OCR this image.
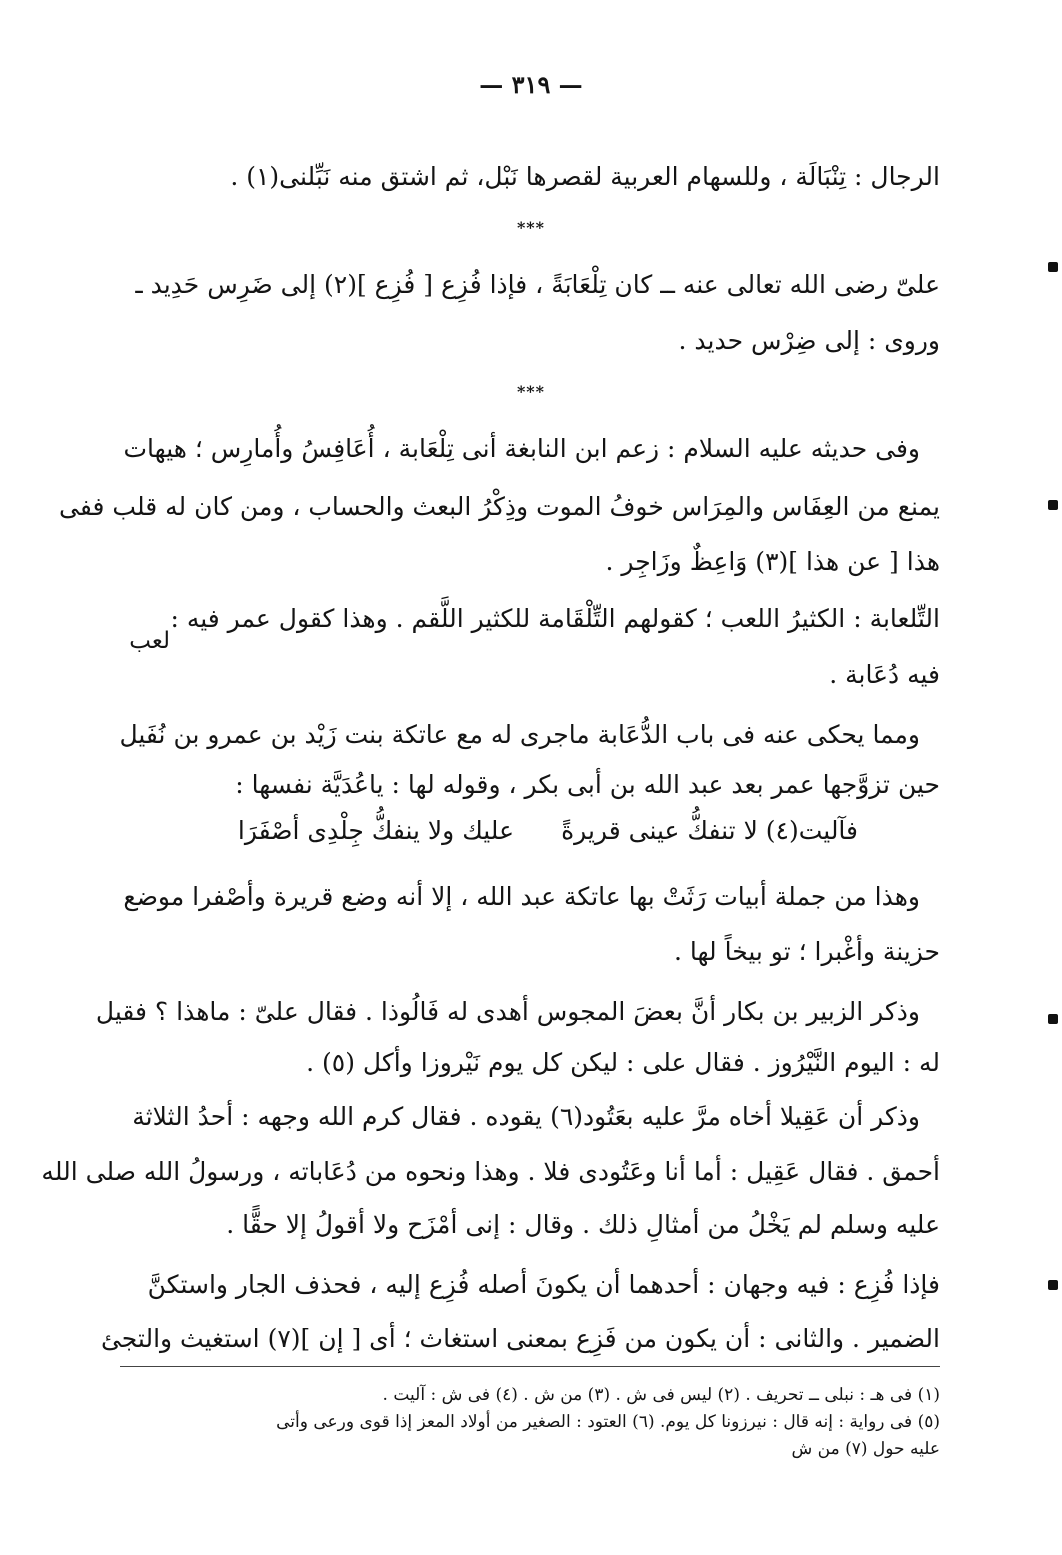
— ٣١٩ —
الرجال : تِنْبَالَة ، وللسهام العربية لقصرها نَبْل، ثم اشتق منه نَبِّلنى(١) .
***
علىّ رضى الله تعالى عنه ــ كان تِلْعَابَةً ، فإذا فُزِع [ فُزِع ](٢) إلى ضَرِس حَدِيد ـ
وروى : إلى ضِرْس حديد .
***
وفى حديثه عليه السلام : زعم ابن النابغة أنى تِلْعَابة ، أُعَافِسُ وأُمارِس ؛ هيهات
يمنع من العِفَاس والمِرَاس خوفُ الموت وذِكْرُ البعث والحساب ، ومن كان له قلب ففى
هذا [ عن هذا ](٣) وَاعِظٌ وزَاجِر .
لعب
التِّلعابة : الكثيرُ اللعب ؛ كقولهم التِّلْقَامة للكثير اللَّقم . وهذا كقول عمر فيه :
فيه دُعَابة .
ومما يحكى عنه فى باب الدُّعَابة ماجرى له مع عاتكة بنت زَيْد بن عمرو بن نُفَيل
حين تزوَّجها عمر بعد عبد الله بن أبى بكر ، وقوله لها : ياعُدَيَّة نفسها :
فآليت(٤) لا تنفكُّ عينى قريرةً
عليك ولا ينفكُّ جِلْدِى أصْفَرَا
وهذا من جملة أبيات رَثَتْ بها عاتكة عبد الله ، إلا أنه وضع قريرة وأصْفرا موضع
حزينة وأغْبرا ؛ تو بيخاً لها .
وذكر الزبير بن بكار أنَّ بعضَ المجوس أهدى له فَالُوذا . فقال علىّ : ماهذا ؟ فقيل
له : اليوم النَّيْرُوز . فقال على : ليكن كل يوم نَيْروزا وأكل (٥) .
وذكر أن عَقِيلا أخاه مرَّ عليه بعَتُود(٦) يقوده . فقال كرم الله وجهه : أحدُ الثلاثة
أحمق . فقال عَقِيل : أما أنا وعَتُودى فلا . وهذا ونحوه من دُعَاباته ، ورسولُ الله صلى الله
عليه وسلم لم يَخْلُ من أمثالِ ذلك . وقال : إنى أمْزَح ولا أقولُ إلا حقًّا .
فإذا فُزِع : فيه وجهان : أحدهما أن يكونَ أصله فُزِع إليه ، فحذف الجار واستكنَّ
الضمير . والثانى : أن يكون من فَزِع بمعنى استغاث ؛ أى [ إن ](٧) استغيث والتجئ
(١) فى هـ : نبلى ــ تحريف . (٢) ليس فى ش . (٣) من ش . (٤) فى ش : آليت .
(٥) فى رواية : إنه قال : نيرزونا كل يوم. (٦) العتود : الصغير من أولاد المعز إذا قوى ورعى وأتى
عليه حول (٧) من ش
